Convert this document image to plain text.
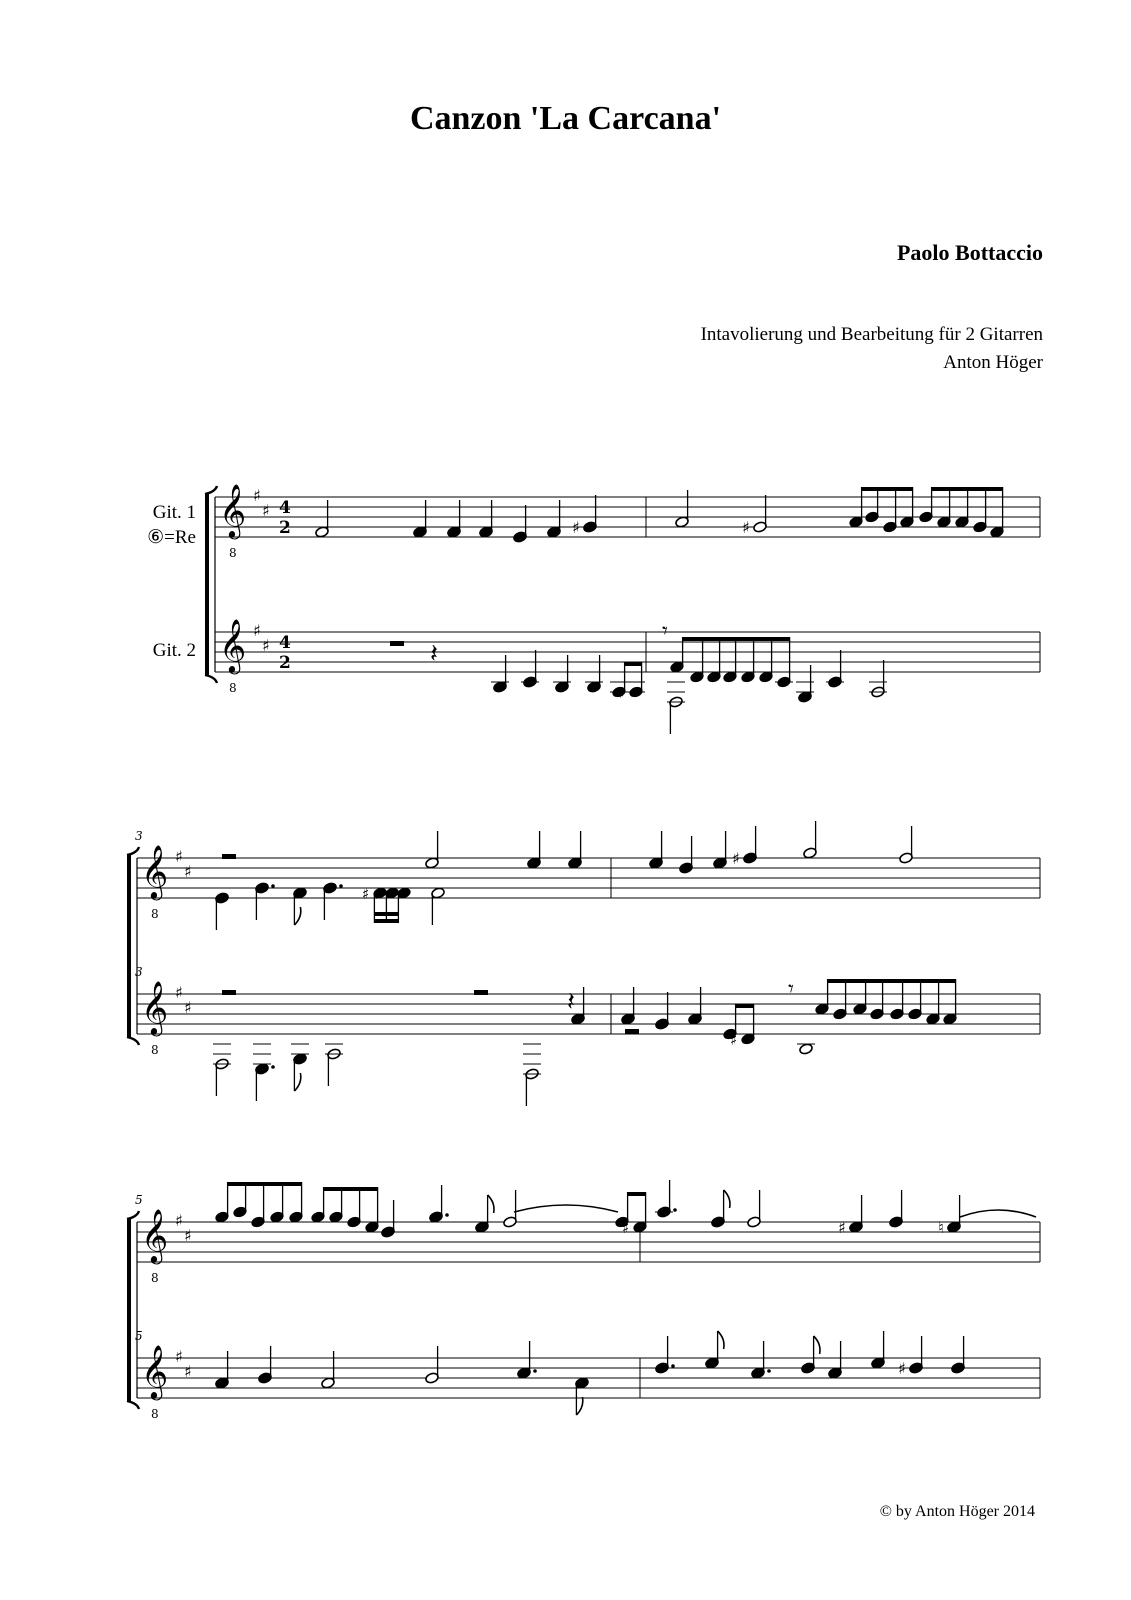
Canzon 'La Carcana'
Paolo Bottaccio
Intavolierung und Bearbeitung für 2 Gitarren
Anton Höger
Git. 1
⑥=Re
Git. 2
© by Anton Höger 2014
𝄞
8
𝄞
8
♯
♯
♯
♯
4
2
4
2
𝄞
8
𝄞
8
♯
♯
♯
♯
3
3
𝄞
8
𝄞
8
♯
♯
♯
♯
5
5
♯	♯
𝄽
♯
𝄾
♯ ♯
♯
𝄽
♯
𝄾
♯	♯	♮
♯
